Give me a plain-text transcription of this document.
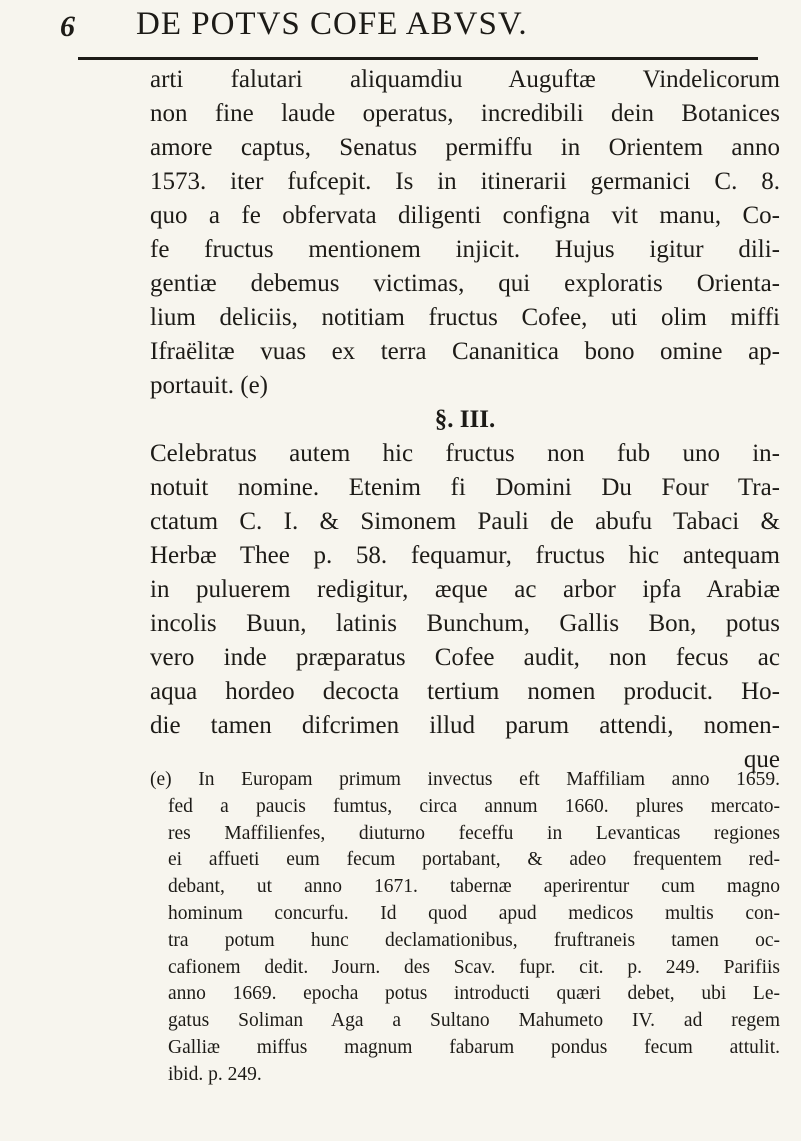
6 DE POTVS COFE ABVSV.
arti falutari aliquamdiu Auguftæ Vindelicorum
non fine laude operatus, incredibili dein Botanices
amore captus, Senatus permiffu in Orientem anno
1573. iter fufcepit. Is in itinerarii germanici C. 8.
quo a fe obfervata diligenti configna vit manu, Co-
fe fructus mentionem injicit. Hujus igitur dili-
gentiæ debemus victimas, qui exploratis Orienta-
lium deliciis, notitiam fructus Cofee, uti olim miffi
Ifraëlitæ vuas ex terra Cananitica bono omine ap-
portauit. (e)
§. III.
Celebratus autem hic fructus non fub uno in-
notuit nomine. Etenim fi Domini Du Four Tra-
ctatum C. I. & Simonem Pauli de abufu Tabaci &
Herbæ Thee p. 58. fequamur, fructus hic antequam
in puluerem redigitur, æque ac arbor ipfa Arabiæ
incolis Buun, latinis Bunchum, Gallis Bon, potus
vero inde præparatus Cofee audit, non fecus ac
aqua hordeo decocta tertium nomen producit. Ho-
die tamen difcrimen illud parum attendi, nomen-
que
(e) In Europam primum invectus eft Maffiliam anno 1659.
fed a paucis fumtus, circa annum 1660. plures mercato-
res Maffilienfes, diuturno feceffu in Levanticas regiones
ei affueti eum fecum portabant, & adeo frequentem red-
debant, ut anno 1671. tabernæ aperirentur cum magno
hominum concurfu. Id quod apud medicos multis con-
tra potum hunc declamationibus, fruftraneis tamen oc-
cafionem dedit. Journ. des Scav. fupr. cit. p. 249. Parifiis
anno 1669. epocha potus introducti quæri debet, ubi Le-
gatus Soliman Aga a Sultano Mahumeto IV. ad regem
Galliæ miffus magnum fabarum pondus fecum attulit.
ibid. p. 249.
